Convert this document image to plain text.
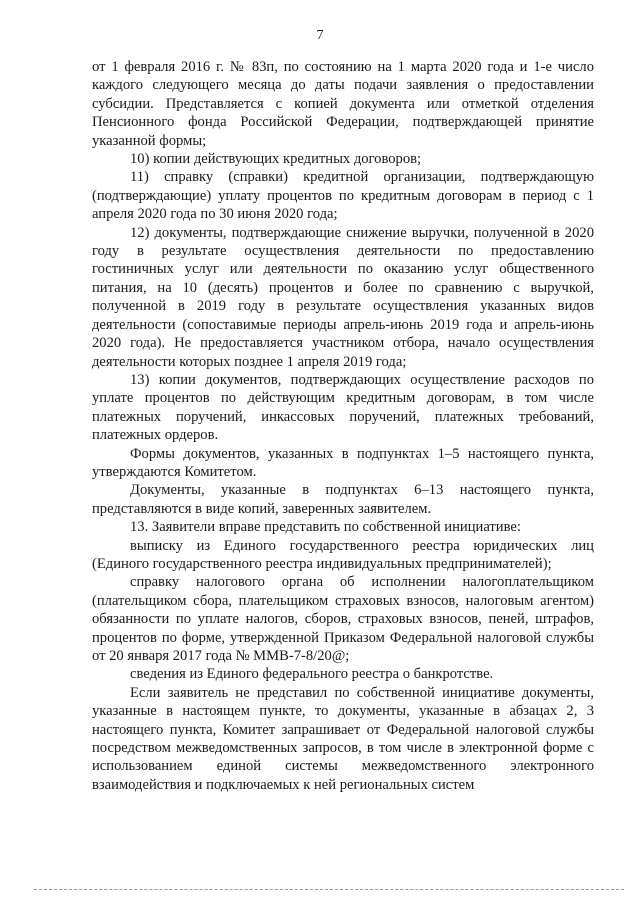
7

от 1 февраля 2016 г. № 83п, по состоянию на 1 марта 2020 года и 1-е число каждого следующего месяца до даты подачи заявления о предоставлении субсидии. Представляется с копией документа или отметкой отделения Пенсионного фонда Российской Федерации, подтверждающей принятие указанной формы;

10) копии действующих кредитных договоров;

11) справку (справки) кредитной организации, подтверждающую (подтверждающие) уплату процентов по кредитным договорам в период с 1 апреля 2020 года по 30 июня 2020 года;

12) документы, подтверждающие снижение выручки, полученной в 2020 году в результате осуществления деятельности по предоставлению гостиничных услуг или деятельности по оказанию услуг общественного питания, на 10 (десять) процентов и более по сравнению с выручкой, полученной в 2019 году в результате осуществления указанных видов деятельности (сопоставимые периоды апрель-июнь 2019 года и апрель-июнь 2020 года). Не предоставляется участником отбора, начало осуществления деятельности которых позднее 1 апреля 2019 года;

13) копии документов, подтверждающих осуществление расходов по уплате процентов по действующим кредитным договорам, в том числе платежных поручений, инкассовых поручений, платежных требований, платежных ордеров.

Формы документов, указанных в подпунктах 1–5 настоящего пункта, утверждаются Комитетом.

Документы, указанные в подпунктах 6–13 настоящего пункта, представляются в виде копий, заверенных заявителем.

13. Заявители вправе представить по собственной инициативе:

выписку из Единого государственного реестра юридических лиц (Единого государственного реестра индивидуальных предпринимателей);

справку налогового органа об исполнении налогоплательщиком (плательщиком сбора, плательщиком страховых взносов, налоговым агентом) обязанности по уплате налогов, сборов, страховых взносов, пеней, штрафов, процентов по форме, утвержденной Приказом Федеральной налоговой службы от 20 января 2017 года № ММВ-7-8/20@;

сведения из Единого федерального реестра о банкротстве.

Если заявитель не представил по собственной инициативе документы, указанные в настоящем пункте, то документы, указанные в абзацах 2, 3 настоящего пункта, Комитет запрашивает от Федеральной налоговой службы посредством межведомственных запросов, в том числе в электронной форме с использованием единой системы межведомственного электронного взаимодействия и подключаемых к ней региональных систем
